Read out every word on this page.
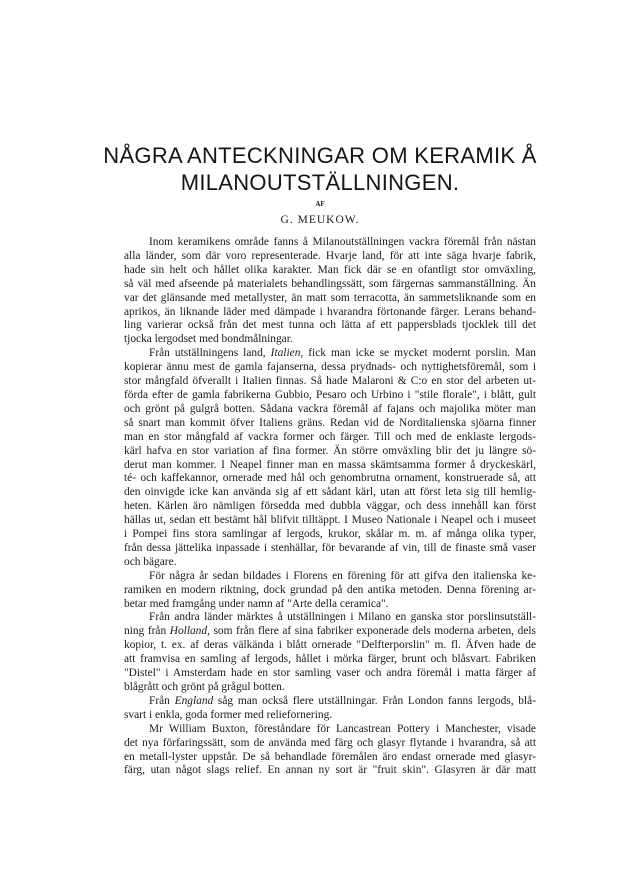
NÅGRA ANTECKNINGAR OM KERAMIK Å
MILANOUTSTÄLLNINGEN.
AF
G. MEUKOW.
Inom keramikens område fanns å Milanoutställningen vackra föremål från nästan
alla länder, som där voro representerade. Hvarje land, för att inte säga hvarje fabrik,
hade sin helt och hållet olika karakter. Man fick där se en ofantligt stor omväxling,
så väl med afseende på materialets behandlingssätt, som färgernas sammanställning. Än
var det glänsande med metallyster, än matt som terracotta, än sammetsliknande som en
aprikos, än liknande läder med dämpade i hvarandra förtonande färger. Lerans behand-
ling varierar också från det mest tunna och lätta af ett pappersblads tjocklek till det
tjocka lergodset med bondmålningar.
Från utställningens land, Italien, fick man icke se mycket modernt porslin. Man
kopierar ännu mest de gamla fajanserna, dessa prydnads- och nyttighetsföremål, som i
stor mångfald öfverallt i Italien finnas. Så hade Malaroni & C:o en stor del arbeten ut-
förda efter de gamla fabrikerna Gubbio, Pesaro och Urbino i "stile florale", i blått, gult
och grönt på gulgrå botten. Sådana vackra föremål af fajans och majolika möter man
så snart man kommit öfver Italiens gräns. Redan vid de Norditalienska sjöarna finner
man en stor mångfald af vackra former och färger. Till och med de enklaste lergods-
kärl hafva en stor variation af fina former. Än större omväxling blir det ju längre sö-
derut man kommer. I Neapel finner man en massa skämtsamma former å dryckeskärl,
té- och kaffekannor, ornerade med hål och genombrutna ornament, konstruerade så, att
den oinvigde icke kan använda sig af ett sådant kärl, utan att först leta sig till hemlig-
heten. Kärlen äro nämligen försedda med dubbla väggar, och dess innehåll kan först
hällas ut, sedan ett bestämt hål blifvit tilltäppt. I Museo Nationale i Neapel och i museet
i Pompei fins stora samlingar af lergods, krukor, skålar m. m. af många olika typer,
från dessa jättelika inpassade i stenhällar, för bevarande af vin, till de finaste små vaser
och bägare.
För några år sedan bildades i Florens en förening för att gifva den italienska ke-
ramiken en modern riktning, dock grundad på den antika metoden. Denna förening ar-
betar med framgång under namn af "Arte della ceramica".
Från andra länder märktes å utställningen i Milano en ganska stor porslinsutställ-
ning från Holland, som från flere af sina fabriker exponerade dels moderna arbeten, dels
kopior, t. ex. af deras välkända i blått ornerade "Delfterporslin" m. fl. Äfven hade de
att framvisa en samling af lergods, hållet i mörka färger, brunt och blåsvart. Fabriken
"Distel" i Amsterdam hade en stor samling vaser och andra föremål i matta färger af
blågrått och grönt på grågul botten.
Från England såg man också flere utställningar. Från London fanns lergods, blå-
svart i enkla, goda former med reliefornering.
Mr William Buxton, föreståndare för Lancastrean Pottery i Manchester, visade
det nya förfaringssätt, som de använda med färg och glasyr flytande i hvarandra, så att
en metall-lyster uppstår. De så behandlade föremålen äro endast ornerade med glasyr-
färg, utan något slags relief. En annan ny sort är "fruit skin". Glasyren är där matt
